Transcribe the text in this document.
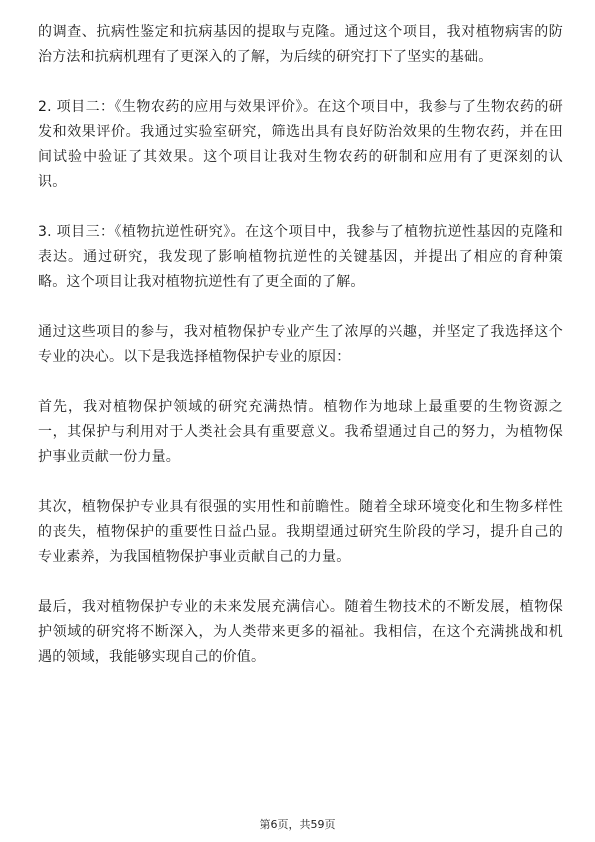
的调查、抗病性鉴定和抗病基因的提取与克隆。通过这个项目，我对植物病害的防治方法和抗病机理有了更深入的了解，为后续的研究打下了坚实的基础。

2. 项目二：《生物农药的应用与效果评价》。在这个项目中，我参与了生物农药的研发和效果评价。我通过实验室研究，筛选出具有良好防治效果的生物农药，并在田间试验中验证了其效果。这个项目让我对生物农药的研制和应用有了更深刻的认识。

3. 项目三：《植物抗逆性研究》。在这个项目中，我参与了植物抗逆性基因的克隆和表达。通过研究，我发现了影响植物抗逆性的关键基因，并提出了相应的育种策略。这个项目让我对植物抗逆性有了更全面的了解。

通过这些项目的参与，我对植物保护专业产生了浓厚的兴趣，并坚定了我选择这个专业的决心。以下是我选择植物保护专业的原因：

首先，我对植物保护领域的研究充满热情。植物作为地球上最重要的生物资源之一，其保护与利用对于人类社会具有重要意义。我希望通过自己的努力，为植物保护事业贡献一份力量。

其次，植物保护专业具有很强的实用性和前瞻性。随着全球环境变化和生物多样性的丧失，植物保护的重要性日益凸显。我期望通过研究生阶段的学习，提升自己的专业素养，为我国植物保护事业贡献自己的力量。

最后，我对植物保护专业的未来发展充满信心。随着生物技术的不断发展，植物保护领域的研究将不断深入，为人类带来更多的福祉。我相信，在这个充满挑战和机遇的领域，我能够实现自己的价值。

第6页，共59页
